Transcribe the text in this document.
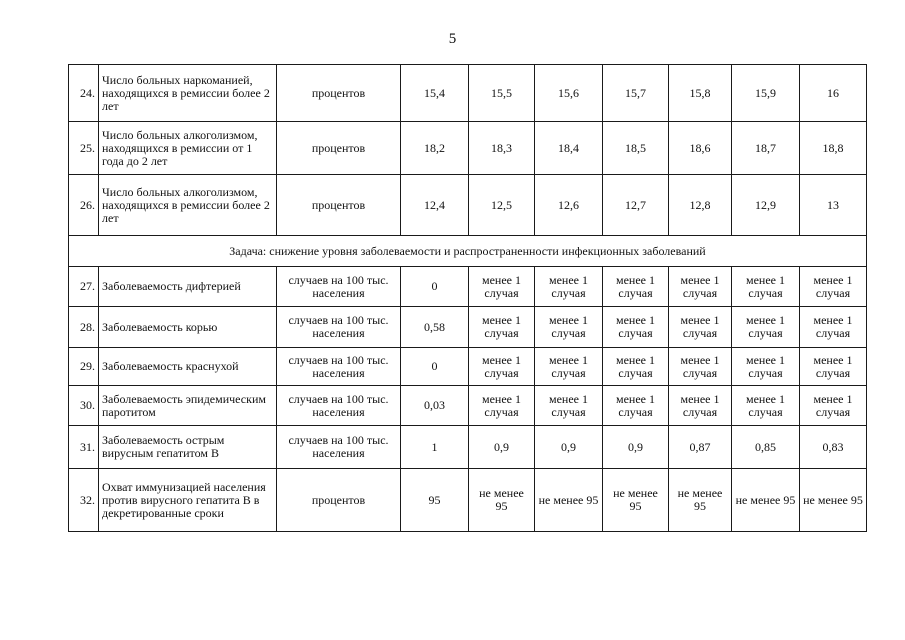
5
24.	Число больных наркоманией, находящихся в ремиссии более 2 лет	процентов	15,4	15,5	15,6	15,7	15,8	15,9	16
25.	Число больных алкоголизмом, находящихся в ремиссии от 1 года до 2 лет	процентов	18,2	18,3	18,4	18,5	18,6	18,7	18,8
26.	Число больных алкоголизмом, находящихся в ремиссии более 2 лет	процентов	12,4	12,5	12,6	12,7	12,8	12,9	13
Задача: снижение уровня заболеваемости и распространенности инфекционных заболеваний									
27.	Заболеваемость дифтерией	случаев на 100 тыс. населения	0	менее 1 случая	менее 1 случая	менее 1 случая	менее 1 случая	менее 1 случая	менее 1 случая
28.	Заболеваемость корью	случаев на 100 тыс. населения	0,58	менее 1 случая	менее 1 случая	менее 1 случая	менее 1 случая	менее 1 случая	менее 1 случая
29.	Заболеваемость краснухой	случаев на 100 тыс. населения	0	менее 1 случая	менее 1 случая	менее 1 случая	менее 1 случая	менее 1 случая	менее 1 случая
30.	Заболеваемость эпидемическим паротитом	случаев на 100 тыс. населения	0,03	менее 1 случая	менее 1 случая	менее 1 случая	менее 1 случая	менее 1 случая	менее 1 случая
31.	Заболеваемость острым вирусным гепатитом В	случаев на 100 тыс. населения	1	0,9	0,9	0,9	0,87	0,85	0,83
32.	Охват иммунизацией населения против вирусного гепатита В в декретированные сроки	процентов	95	не менее 95	не менее 95	не менее 95	не менее 95	не менее 95	не менее 95
